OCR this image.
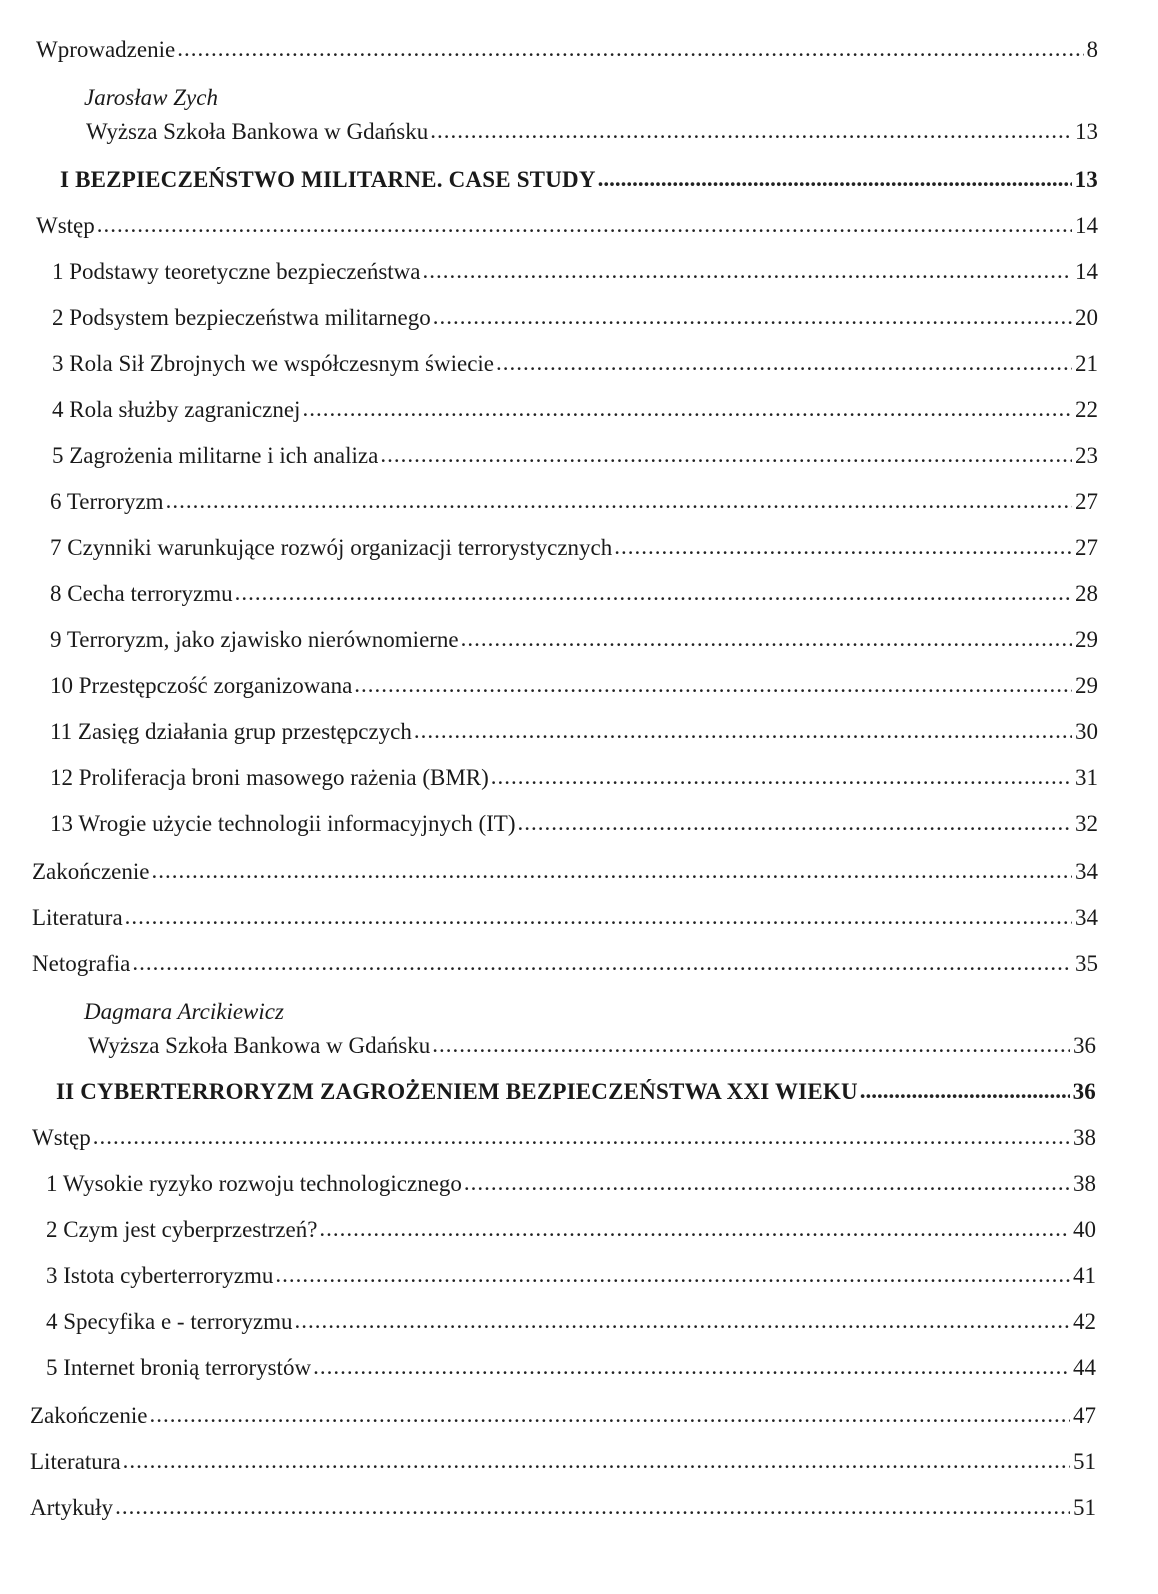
Wprowadzenie .....	8
Jarosław Zych
Wyższa Szkoła Bankowa w Gdańsku .....	13
I BEZPIECZEŃSTWO MILITARNE. CASE STUDY .....	13
Wstęp .....	14
1 Podstawy teoretyczne bezpieczeństwa .....	14
2 Podsystem bezpieczeństwa militarnego .....	20
3 Rola Sił Zbrojnych we współczesnym świecie .....	21
4 Rola służby zagranicznej .....	22
5 Zagrożenia militarne i ich analiza .....	23
6 Terroryzm .....	27
7 Czynniki warunkujące rozwój organizacji terrorystycznych .....	27
8 Cecha terroryzmu .....	28
9 Terroryzm, jako zjawisko nierównomierne .....	29
10 Przestępczość zorganizowana .....	29
11 Zasięg działania grup przestępczych .....	30
12 Proliferacja broni masowego rażenia (BMR) .....	31
13 Wrogie użycie technologii informacyjnych (IT) .....	32
Zakończenie .....	34
Literatura .....	34
Netografia .....	35
Dagmara Arcikiewicz
Wyższa Szkoła Bankowa w Gdańsku .....	36
II CYBERTERRORYZM ZAGROŻENIEM BEZPIECZEŃSTWA XXI WIEKU .....	36
Wstęp .....	38
1 Wysokie ryzyko rozwoju technologicznego .....	38
2 Czym jest cyberprzestrzeń? .....	40
3 Istota cyberterroryzmu .....	41
4 Specyfika e - terroryzmu .....	42
5 Internet bronią terrorystów .....	44
Zakończenie .....	47
Literatura .....	51
Artykuły .....	51
